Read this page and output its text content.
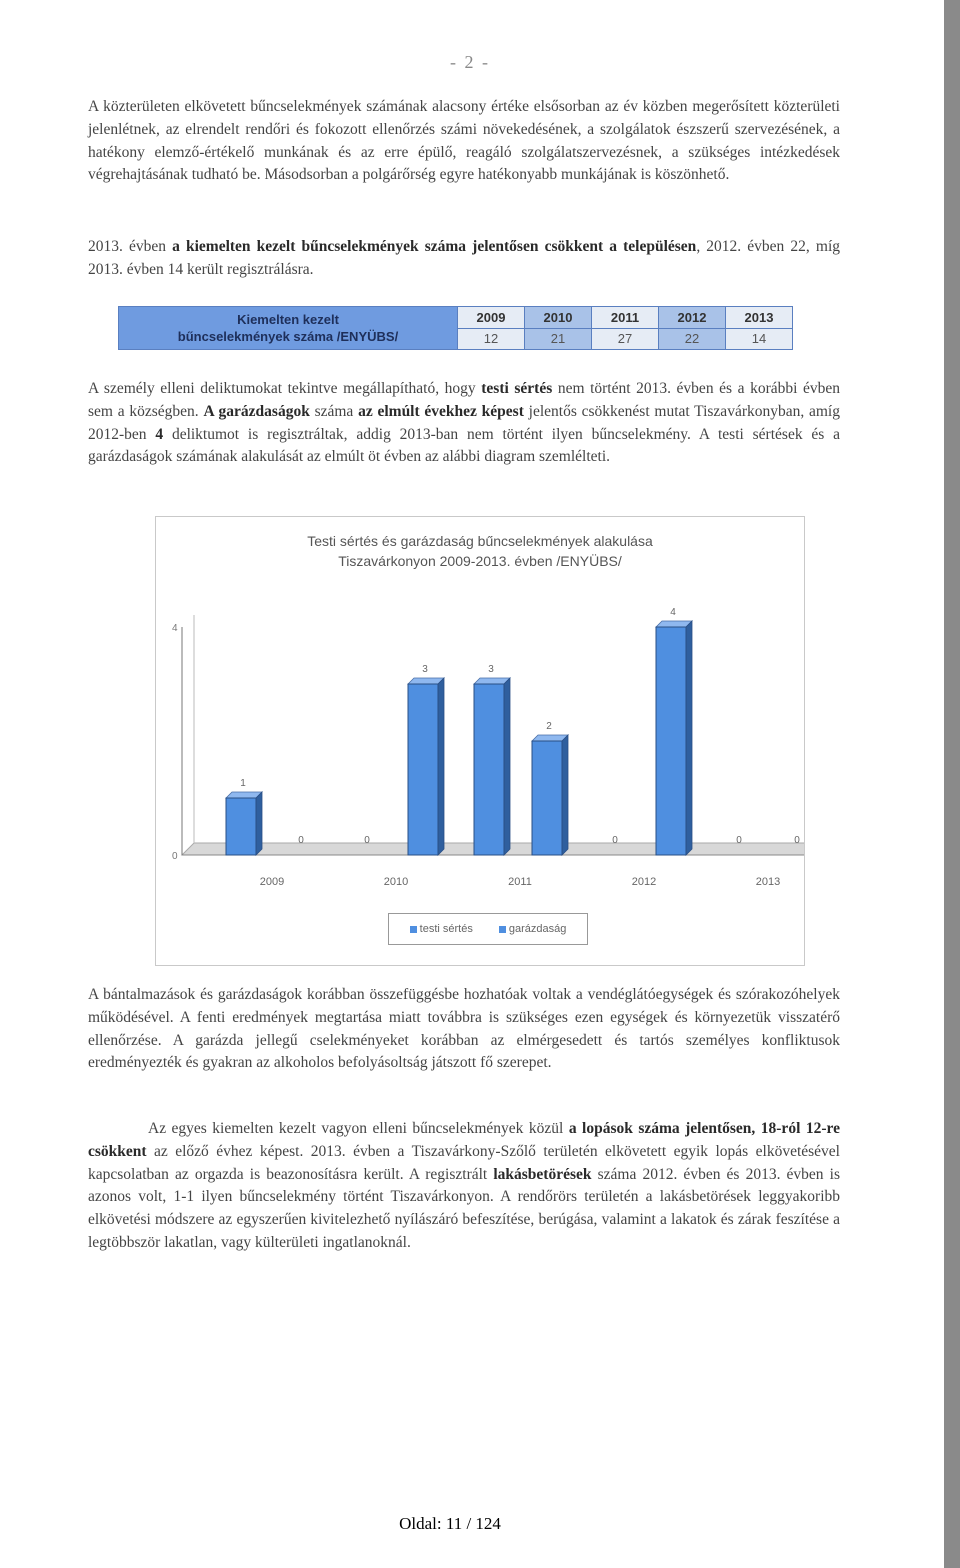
- 2 -

A közterületen elkövetett bűncselekmények számának alacsony értéke elsősorban az év közben megerősített közterületi jelenlétnek, az elrendelt rendőri és fokozott ellenőrzés számi növekedésének, a szolgálatok észszerű szervezésének, a hatékony elemző-értékelő munkának és az erre épülő, reagáló szolgálatszervezésnek, a szükséges intézkedések végrehajtásának tudható be. Másodsorban a polgárőrség egyre hatékonyabb munkájának is köszönhető.

2013. évben a kiemelten kezelt bűncselekmények száma jelentősen csökkent a településen, 2012. évben 22, míg 2013. évben 14 került regisztrálásra.

Kiemelten kezelt
bűncselekmények száma /ENYÜBS/	2009	2010	2011	2012	2013
	12	21	27	22	14

A személy elleni deliktumokat tekintve megállapítható, hogy testi sértés nem történt 2013. évben és a korábbi évben sem a községben. A garázdaságok száma az elmúlt évekhez képest jelentős csökkenést mutat Tiszavárkonyban, amíg 2012-ben 4 deliktumot is regisztráltak, addig 2013-ban nem történt ilyen bűncselekmény. A testi sértések és a garázdaságok számának alakulását az elmúlt öt évben az alábbi diagram szemlélteti.

Testi sértés és garázdaság bűncselekmények alakulása
Tiszavárkonyon 2009-2013. évben /ENYÜBS/
0
4
1
0
2009
0
3
2010
3
2
2011
0
4
2012
0	0
2013
testi sértés	garázdaság

A bántalmazások és garázdaságok korábban összefüggésbe hozhatóak voltak a vendéglátóegységek és szórakozóhelyek működésével. A fenti eredmények megtartása miatt továbbra is szükséges ezen egységek és környezetük visszatérő ellenőrzése. A garázda jellegű cselekményeket korábban az elmérgesedett és tartós személyes konfliktusok eredményezték és gyakran az alkoholos befolyásoltság játszott fő szerepet.

Az egyes kiemelten kezelt vagyon elleni bűncselekmények közül a lopások száma jelentősen, 18-ról 12-re csökkent az előző évhez képest. 2013. évben a Tiszavárkony-Szőlő területén elkövetett egyik lopás elkövetésével kapcsolatban az orgazda is beazonosításra került. A regisztrált lakásbetörések száma 2012. évben és 2013. évben is azonos volt, 1-1 ilyen bűncselekmény történt Tiszavárkonyon. A rendőrörs területén a lakásbetörések leggyakoribb elkövetési módszere az egyszerűen kivitelezhető nyílászáró befeszítése, berúgása, valamint a lakatok és zárak feszítése a legtöbbször lakatlan, vagy külterületi ingatlanoknál.

Oldal: 11 / 124
